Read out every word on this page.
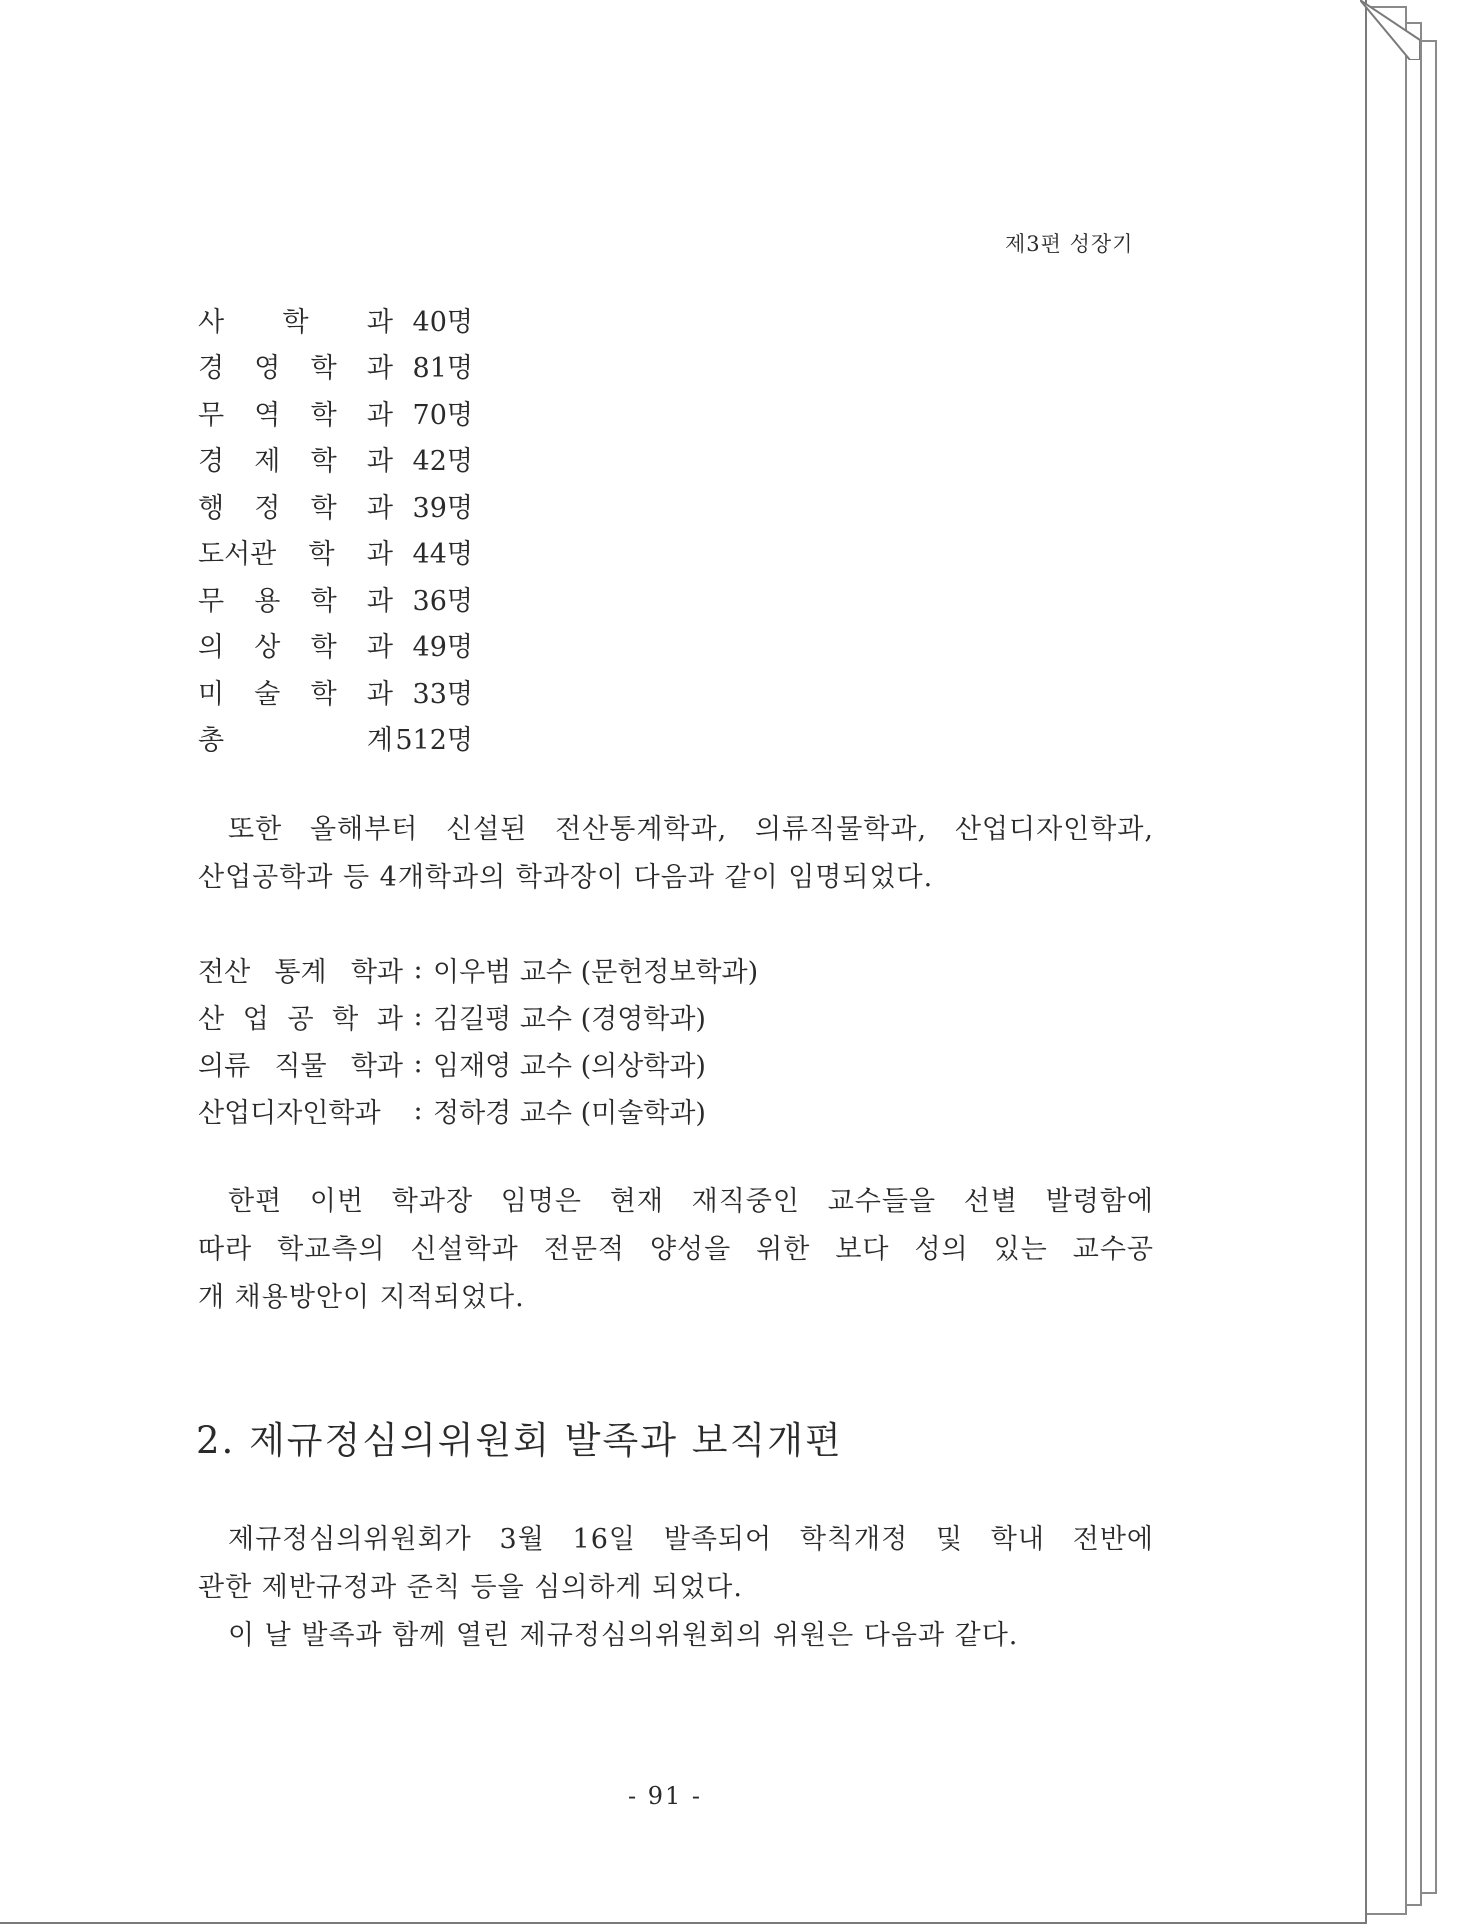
제3편 성장기
사 학 과 40명
경 영 학 과 81명
무 역 학 과 70명
경 제 학 과 42명
행 정 학 과 39명
도서관 학 과 44명
무 용 학 과 36명
의 상 학 과 49명
미 술 학 과 33명
총	계 512명

또한 올해부터 신설된 전산통계학과, 의류직물학과, 산업디자인학과,

산업공학과 등 4개학과의 학과장이 다음과 같이 임명되었다.

전산 통계 학과 : 이우범 교수 (문헌정보학과)
산 업 공 학 과 : 김길평 교수 (경영학과)
의류 직물 학과 : 임재영 교수 (의상학과)
산업디자인학과	: 정하경 교수 (미술학과)

한편 이번 학과장 임명은 현재 재직중인 교수들을 선별 발령함에

따라 학교측의 신설학과 전문적 양성을 위한 보다 성의 있는 교수공

개 채용방안이 지적되었다.

2. 제규정심의위원회 발족과 보직개편

제규정심의위원회가 3월 16일 발족되어 학칙개정 및 학내 전반에

관한 제반규정과 준칙 등을 심의하게 되었다.

이 날 발족과 함께 열린 제규정심의위원회의 위원은 다음과 같다.

- 91 -
